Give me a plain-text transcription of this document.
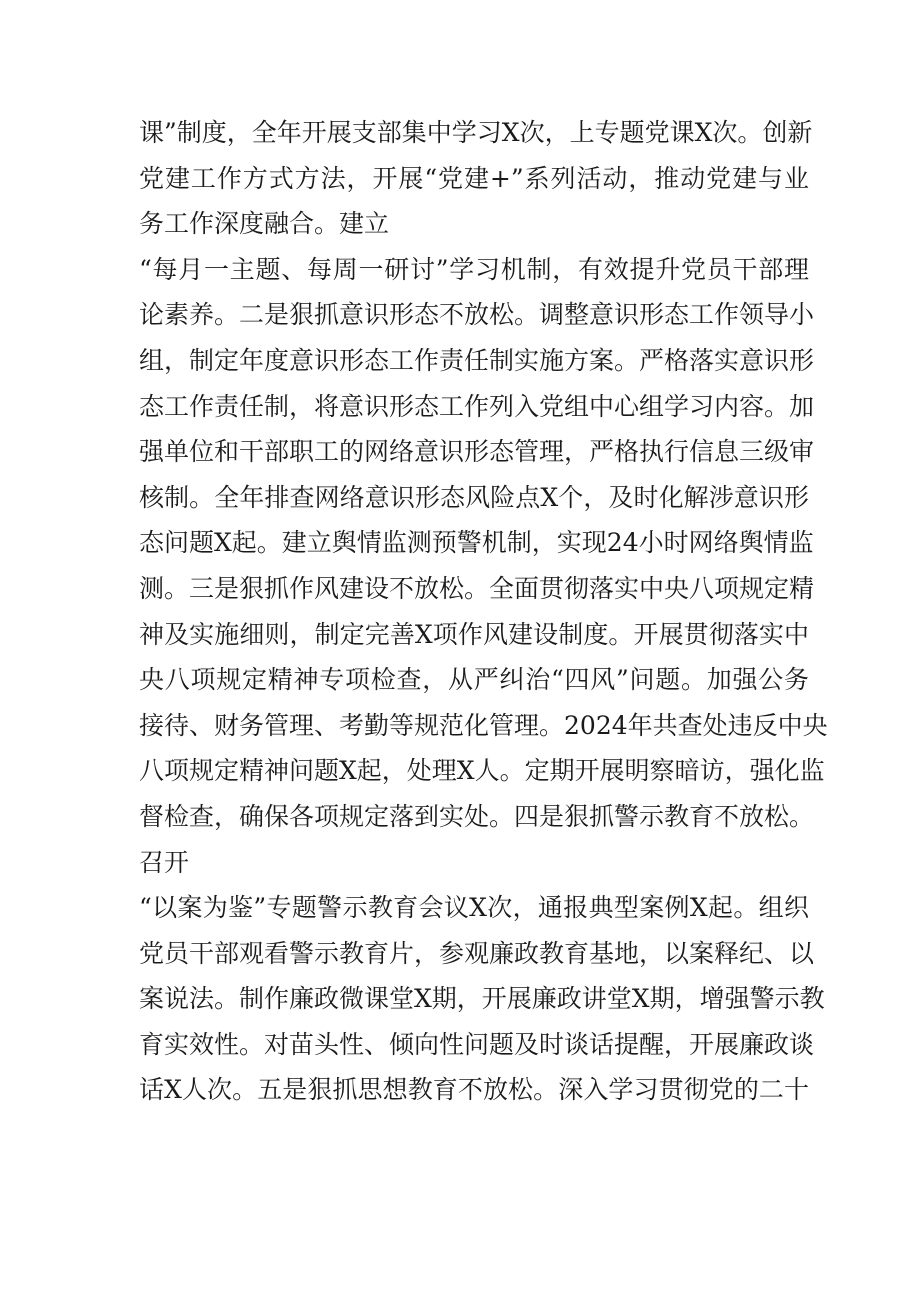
课”制度，全年开展支部集中学习X次，上专题党课X次。创新
党建工作方式方法，开展“党建+”系列活动，推动党建与业
务工作深度融合。建立
“每月一主题、每周一研讨”学习机制，有效提升党员干部理
论素养。二是狠抓意识形态不放松。调整意识形态工作领导小
组，制定年度意识形态工作责任制实施方案。严格落实意识形
态工作责任制，将意识形态工作列入党组中心组学习内容。加
强单位和干部职工的网络意识形态管理，严格执行信息三级审
核制。全年排查网络意识形态风险点X个，及时化解涉意识形
态问题X起。建立舆情监测预警机制，实现24小时网络舆情监
测。三是狠抓作风建设不放松。全面贯彻落实中央八项规定精
神及实施细则，制定完善X项作风建设制度。开展贯彻落实中
央八项规定精神专项检查，从严纠治“四风”问题。加强公务
接待、财务管理、考勤等规范化管理。2024年共查处违反中央
八项规定精神问题X起，处理X人。定期开展明察暗访，强化监
督检查，确保各项规定落到实处。四是狠抓警示教育不放松。
召开
“以案为鉴”专题警示教育会议X次，通报典型案例X起。组织
党员干部观看警示教育片，参观廉政教育基地，以案释纪、以
案说法。制作廉政微课堂X期，开展廉政讲堂X期，增强警示教
育实效性。对苗头性、倾向性问题及时谈话提醒，开展廉政谈
话X人次。五是狠抓思想教育不放松。深入学习贯彻党的二十
